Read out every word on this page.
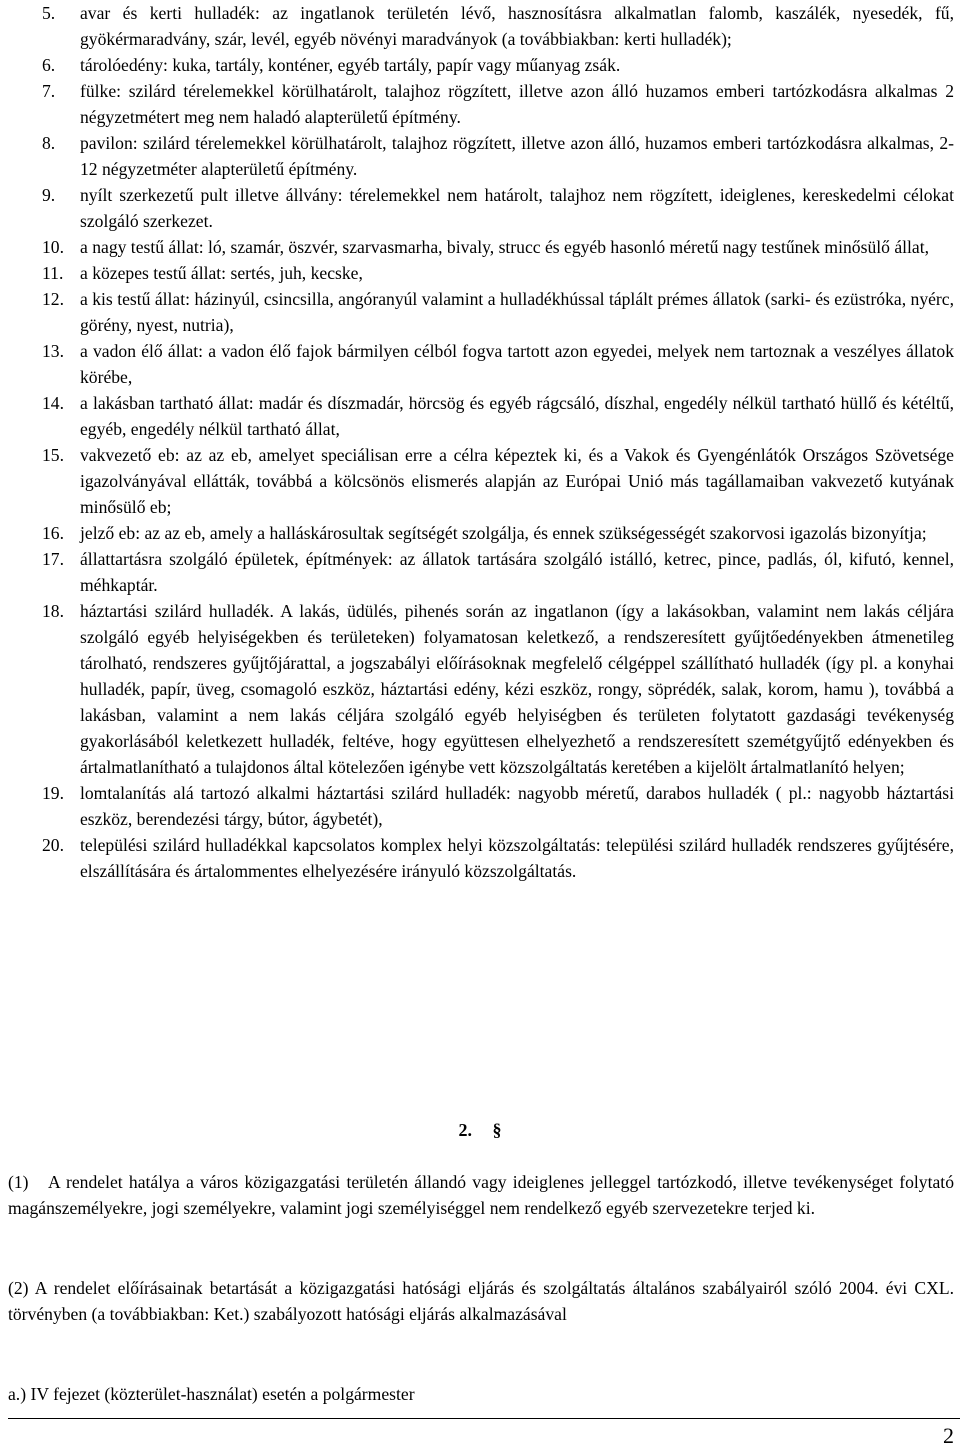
5.	avar és kerti hulladék: az ingatlanok területén lévő, hasznosításra alkalmatlan falomb, kaszálék, nyesedék, fű, gyökérmaradvány, szár, levél, egyéb növényi maradványok (a továbbiakban: kerti hulladék);
6.	tárolóedény: kuka, tartály, konténer, egyéb tartály, papír vagy műanyag zsák.
7.	fülke: szilárd térelemekkel körülhatárolt, talajhoz rögzített, illetve azon álló huzamos emberi tartózkodásra alkalmas 2 négyzetmétert meg nem haladó alapterületű építmény.
8.	pavilon: szilárd térelemekkel körülhatárolt, talajhoz rögzített, illetve azon álló, huzamos emberi tartózkodásra alkalmas, 2-12 négyzetméter alapterületű építmény.
9.	nyílt szerkezetű pult illetve állvány: térelemekkel nem határolt, talajhoz nem rögzített, ideiglenes, kereskedelmi célokat szolgáló szerkezet.
10. a nagy testű állat: ló, szamár, öszvér, szarvasmarha, bivaly, strucc és egyéb hasonló méretű nagy testűnek minősülő állat,
11. a közepes testű állat: sertés, juh, kecske,
12. a kis testű állat: házinyúl, csincsilla, angóranyúl valamint a hulladékhússal táplált prémes állatok (sarki- és ezüstróka, nyérc, görény, nyest, nutria),
13. a vadon élő állat: a vadon élő fajok bármilyen célból fogva tartott azon egyedei, melyek nem tartoznak a veszélyes állatok körébe,
14. a lakásban tartható állat: madár és díszmadár, hörcsög és egyéb rágcsáló, díszhal, engedély nélkül tartható hüllő és kétéltű, egyéb, engedély nélkül tartható állat,
15. vakvezető eb: az az eb, amelyet speciálisan erre a célra képeztek ki, és a Vakok és Gyengénlátók Országos Szövetsége igazolványával ellátták, továbbá a kölcsönös elismerés alapján az Európai Unió más tagállamaiban vakvezető kutyának minősülő eb;
16. jelző eb: az az eb, amely a halláskárosultak segítségét szolgálja, és ennek szükségességét szakorvosi igazolás bizonyítja;
17. állattartásra szolgáló épületek, építmények: az állatok tartására szolgáló istálló, ketrec, pince, padlás, ól, kifutó, kennel, méhkaptár.
18. háztartási szilárd hulladék. A lakás, üdülés, pihenés során az ingatlanon (így a lakásokban, valamint nem lakás céljára szolgáló egyéb helyiségekben és területeken) folyamatosan keletkező, a rendszeresített gyűjtőedényekben átmenetileg tárolható, rendszeres gyűjtőjárattal, a jogszabályi előírásoknak megfelelő célgéppel szállítható hulladék (így pl. a konyhai hulladék, papír, üveg, csomagoló eszköz, háztartási edény, kézi eszköz, rongy, söprédék, salak, korom, hamu ), továbbá a lakásban, valamint a nem lakás céljára szolgáló egyéb helyiségben és területen folytatott gazdasági tevékenység gyakorlásából keletkezett hulladék, feltéve, hogy együttesen elhelyezhető a rendszeresített szemétgyűjtő edényekben és ártalmatlanítható a tulajdonos által kötelezően igénybe vett közszolgáltatás keretében a kijelölt ártalmatlanító helyen;
19. lomtalanítás alá tartozó alkalmi háztartási szilárd hulladék: nagyobb méretű, darabos hulladék ( pl.: nagyobb háztartási eszköz, berendezési tárgy, bútor, ágybetét),
20. települési szilárd hulladékkal kapcsolatos komplex helyi közszolgáltatás: települési szilárd hulladék rendszeres gyűjtésére, elszállítására és ártalommentes elhelyezésére irányuló közszolgáltatás.
2. §
(1) A rendelet hatálya a város közigazgatási területén állandó vagy ideiglenes jelleggel tartózkodó, illetve tevékenységet folytató magánszemélyekre, jogi személyekre, valamint jogi személyiséggel nem rendelkező egyéb szervezetekre terjed ki.
(2) A rendelet előírásainak betartását a közigazgatási hatósági eljárás és szolgáltatás általános szabályairól szóló 2004. évi CXL. törvényben (a továbbiakban: Ket.) szabályozott hatósági eljárás alkalmazásával
a.) IV fejezet (közterület-használat) esetén a polgármester
2
